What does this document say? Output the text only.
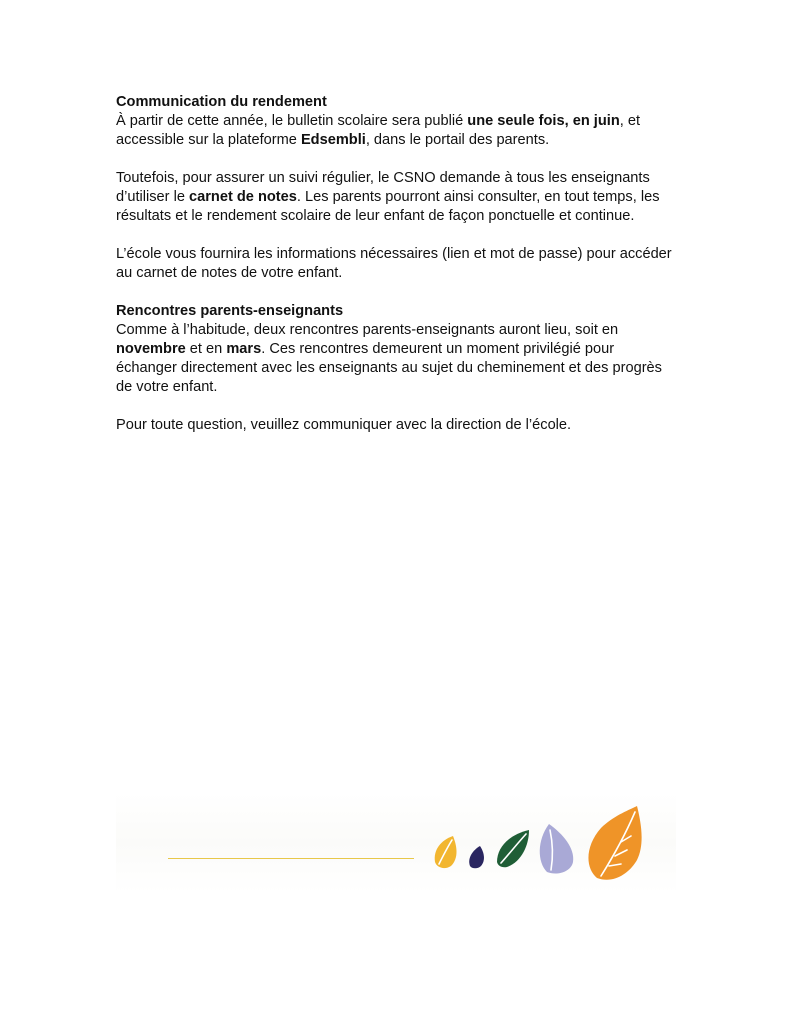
Communication du rendement

À partir de cette année, le bulletin scolaire sera publié une seule fois, en juin, et accessible sur la plateforme Edsembli, dans le portail des parents.

Toutefois, pour assurer un suivi régulier, le CSNO demande à tous les enseignants d’utiliser le carnet de notes. Les parents pourront ainsi consulter, en tout temps, les résultats et le rendement scolaire de leur enfant de façon ponctuelle et continue.

L’école vous fournira les informations nécessaires (lien et mot de passe) pour accéder au carnet de notes de votre enfant.

Rencontres parents-enseignants

Comme à l’habitude, deux rencontres parents-enseignants auront lieu, soit en novembre et en mars. Ces rencontres demeurent un moment privilégié pour échanger directement avec les enseignants au sujet du cheminement et des progrès de votre enfant.

Pour toute question, veuillez communiquer avec la direction de l’école.
